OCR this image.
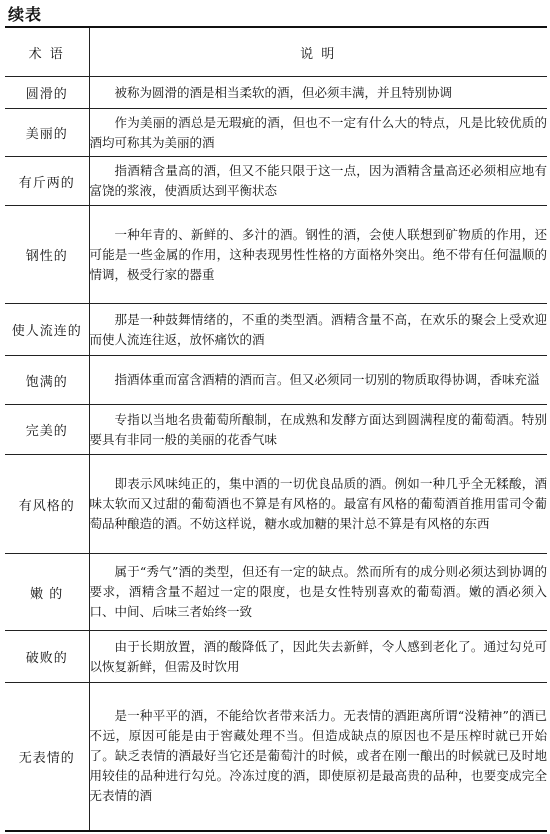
续表
术 语	说 明
圆滑的	被称为圆滑的酒是相当柔软的酒，但必须丰满，并且特别协调
美丽的	作为美丽的酒总是无瑕疵的酒，但也不一定有什么大的特点，凡是比较优质的酒均可称其为美丽的酒
有斤两的	指酒精含量高的酒，但又不能只限于这一点，因为酒精含量高还必须相应地有富饶的浆液，使酒质达到平衡状态
钢性的	一种年青的、新鲜的、多汁的酒。钢性的酒，会使人联想到矿物质的作用，还可能是一些金属的作用，这种表现男性性格的方面格外突出。绝不带有任何温顺的情调，极受行家的器重
使人流连的	那是一种鼓舞情绪的，不重的类型酒。酒精含量不高，在欢乐的聚会上受欢迎而使人流连往返，放怀痛饮的酒
饱满的	指酒体重而富含酒精的酒而言。但又必须同一切别的物质取得协调，香味充溢
完美的	专指以当地名贵葡萄所酿制，在成熟和发酵方面达到圆满程度的葡萄酒。特别要具有非同一般的美丽的花香气味
有风格的	即表示风味纯正的，集中酒的一切优良品质的酒。例如一种几乎全无糅酸，酒味太软而又过甜的葡萄酒也不算是有风格的。最富有风格的葡萄酒首推用雷司令葡萄品种酿造的酒。不妨这样说，糖水或加糖的果汁总不算是有风格的东西
嫩 的	属于“秀气”酒的类型，但还有一定的缺点。然而所有的成分则必须达到协调的要求，酒精含量不超过一定的限度，也是女性特别喜欢的葡萄酒。嫩的酒必须入口、中间、后味三者始终一致
破败的	由于长期放置，酒的酸降低了，因此失去新鲜，令人感到老化了。通过勾兑可以恢复新鲜，但需及时饮用
无表情的	是一种平平的酒，不能给饮者带来活力。无表情的酒距离所谓“没精神”的酒已不远，原因可能是由于窖藏处理不当。但造成缺点的原因也不是压榨时就已开始了。缺乏表情的酒最好当它还是葡萄汁的时候，或者在刚一酿出的时候就已及时地用较佳的品种进行勾兑。冷冻过度的酒，即使原初是最高贵的品种，也要变成完全无表情的酒
